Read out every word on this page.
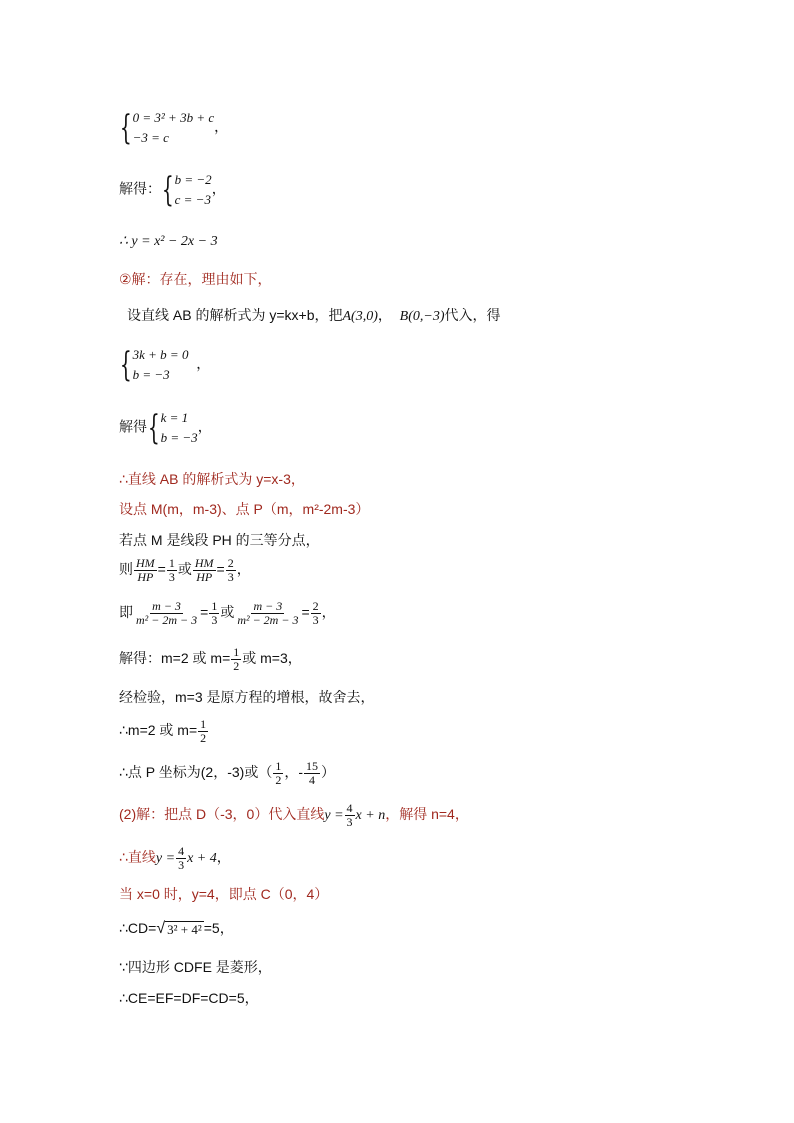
{ 0 = 3² + 3b + c
−3 = c
，
解得： { b = −2
c = −3
，
∴ y = x² − 2x − 3
②解：存在，理由如下，
设直线 AB 的解析式为 y=kx+b，把A(3,0)， B(0,−3)代入，得
{ 3k + b = 0
b = −3
，
解得 { k = 1
b = −3
，
∴直线 AB 的解析式为 y=x-3，
设点 M(m，m-3)、点 P（m，m²-2m-3）
若点 M 是线段 PH 的三等分点，
则 $\frac{HM}{HP} = \frac{1}{3}$ 或 $\frac{HM}{HP} = \frac{2}{3}$ ，
即 $\frac{m - 3}{\text{m² − 2m − 3}} = \frac{1}{3}$ 或 $\frac{m - 3}{\text{m² − 2m − 3}} = \frac{2}{3}$ ，
解得：m=2 或 $m= \frac{1}{2}$ 或 m=3，
经检验，m=3 是原方程的增根，故舍去，
∴m=2 或 $m= \frac{1}{2}$
∴点 P 坐标为(2，-3)或（ $\frac{1}{2}$ ，- $\frac{15}{4}$ ）
(2)解：把点 D（-3，0）代入直线$y = \frac{4}{3}$ x + n，解得 n=4，
∴直线$y = \frac{4}{3}$ x + 4，
当 x=0 时，y=4，即点 C（0，4）
∴CD= √ 3² + 4² =5，
∵四边形 CDFE 是菱形，
∴CE=EF=DF=CD=5，
